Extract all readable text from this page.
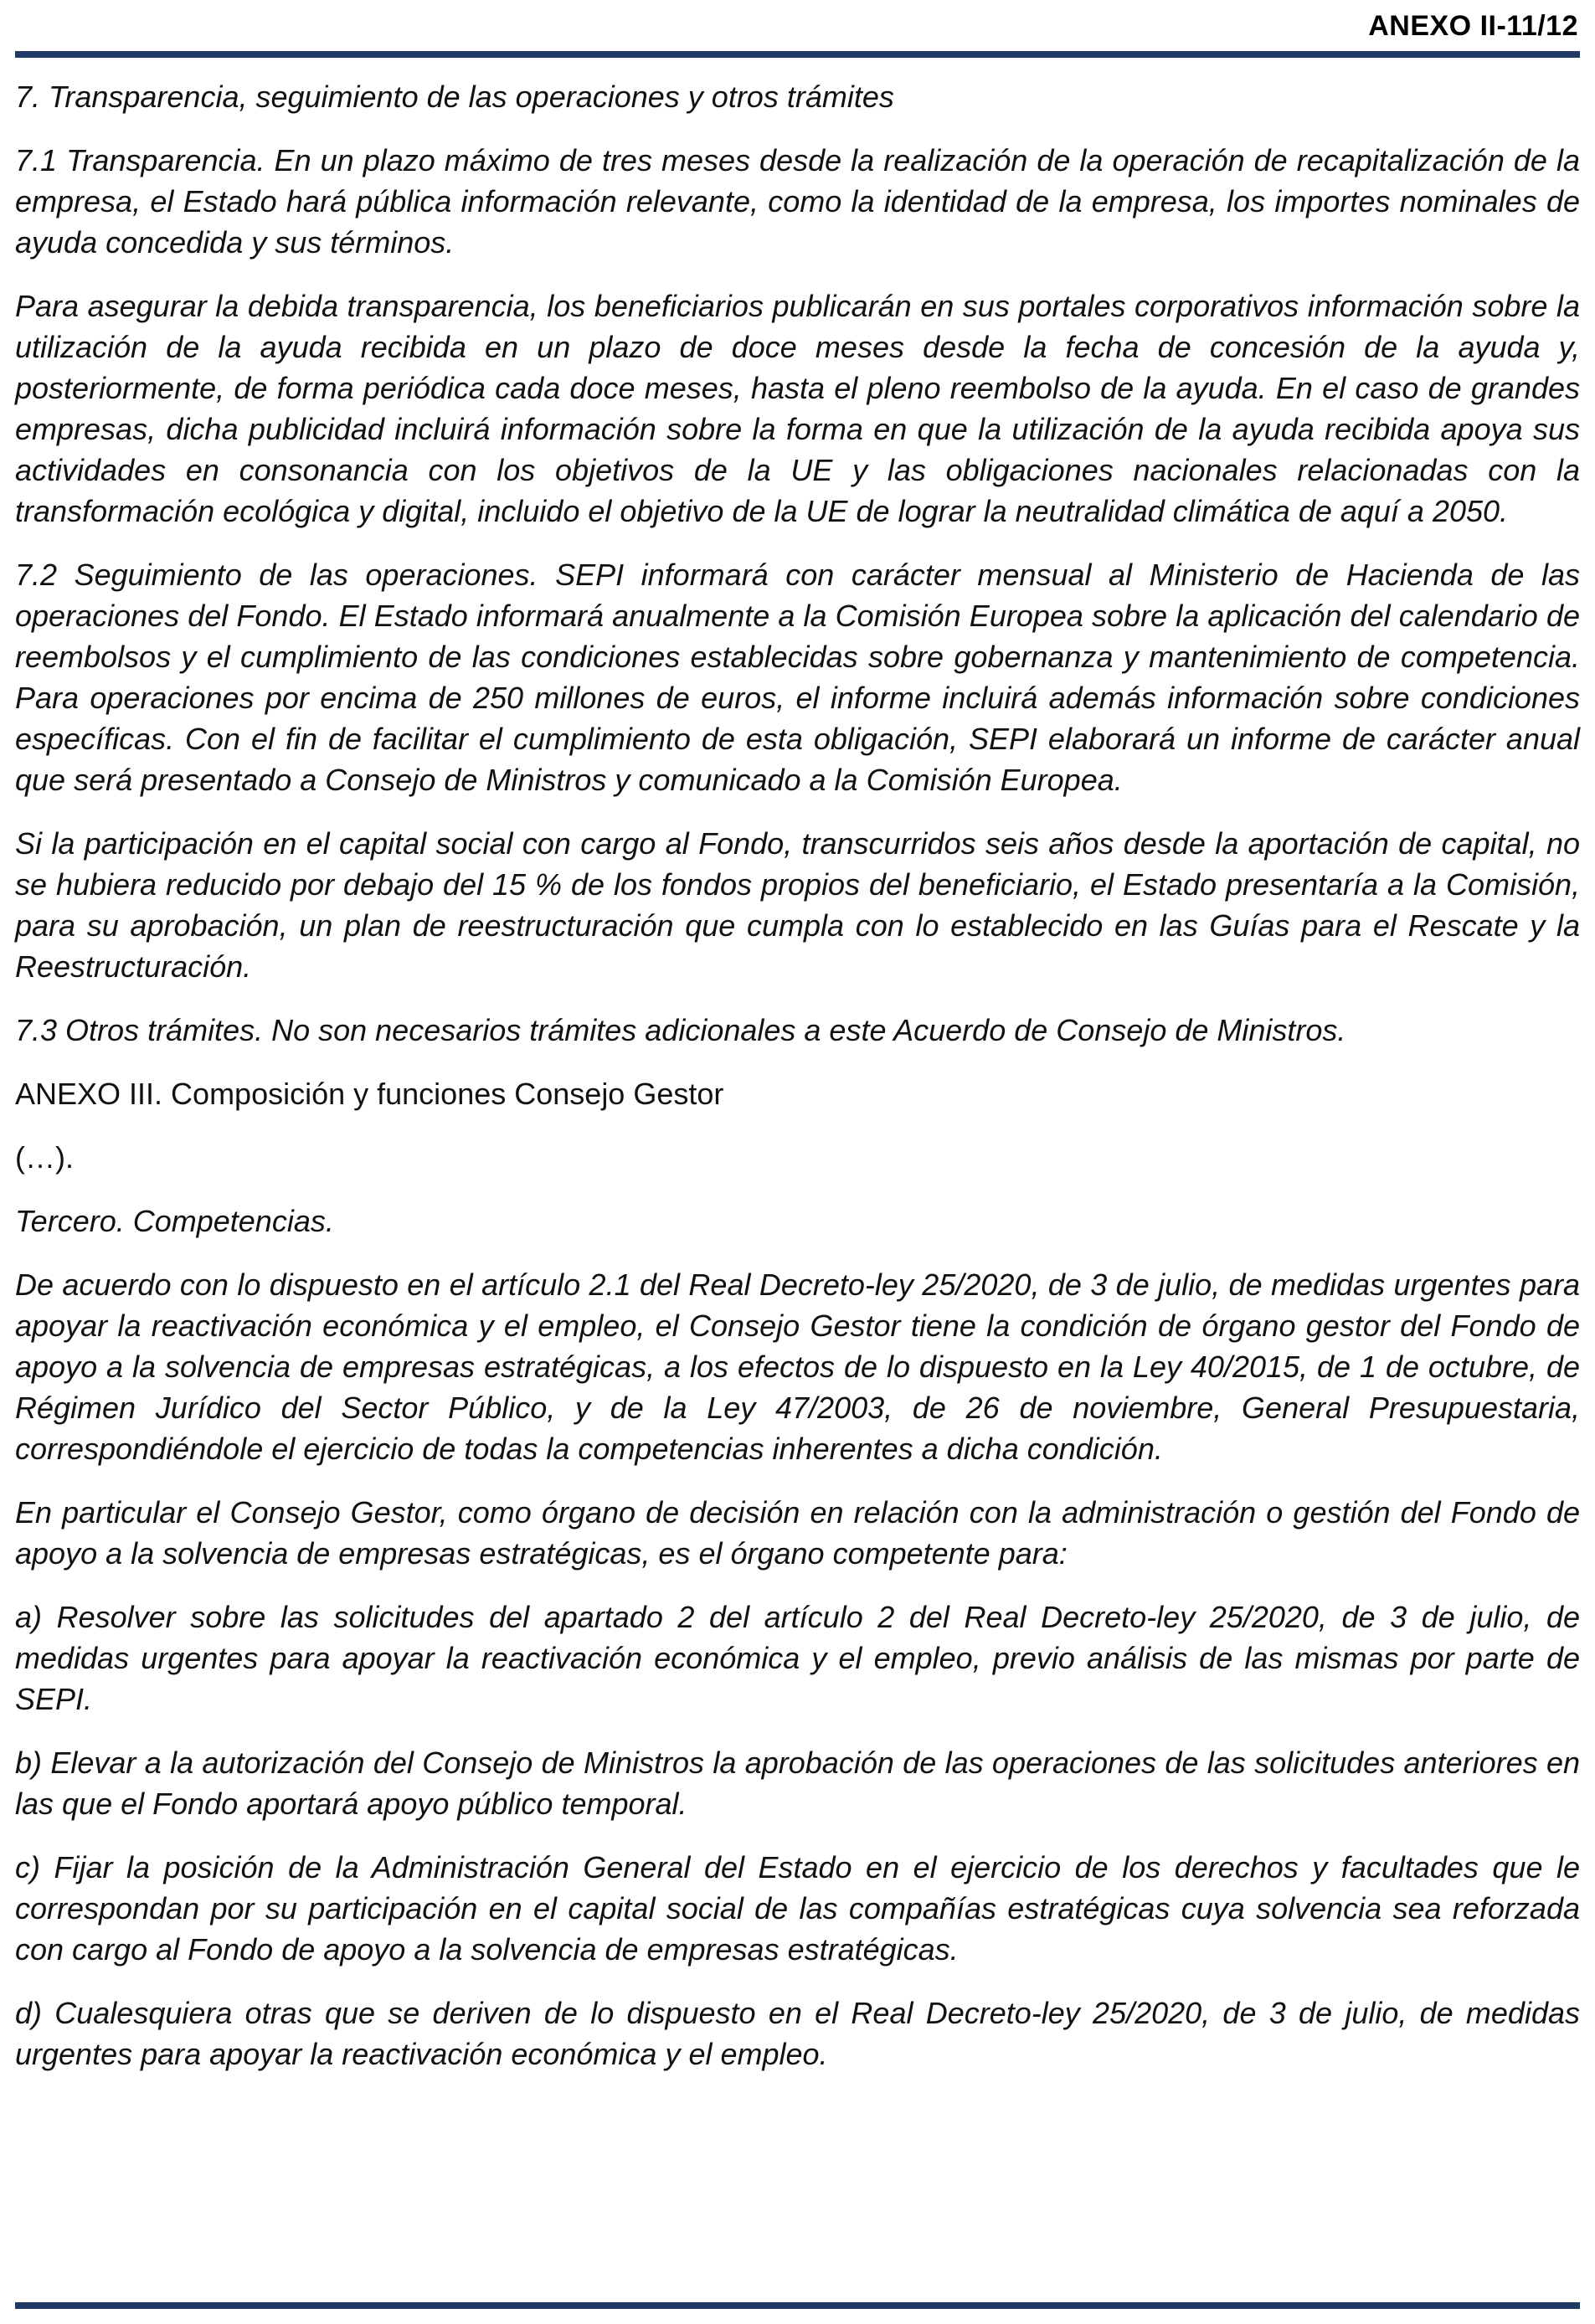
ANEXO II-11/12

7. Transparencia, seguimiento de las operaciones y otros trámites

7.1 Transparencia. En un plazo máximo de tres meses desde la realización de la operación de recapitalización de la empresa, el Estado hará pública información relevante, como la identidad de la empresa, los importes nominales de ayuda concedida y sus términos.

Para asegurar la debida transparencia, los beneficiarios publicarán en sus portales corporativos información sobre la utilización de la ayuda recibida en un plazo de doce meses desde la fecha de concesión de la ayuda y, posteriormente, de forma periódica cada doce meses, hasta el pleno reembolso de la ayuda. En el caso de grandes empresas, dicha publicidad incluirá información sobre la forma en que la utilización de la ayuda recibida apoya sus actividades en consonancia con los objetivos de la UE y las obligaciones nacionales relacionadas con la transformación ecológica y digital, incluido el objetivo de la UE de lograr la neutralidad climática de aquí a 2050.

7.2 Seguimiento de las operaciones. SEPI informará con carácter mensual al Ministerio de Hacienda de las operaciones del Fondo. El Estado informará anualmente a la Comisión Europea sobre la aplicación del calendario de reembolsos y el cumplimiento de las condiciones establecidas sobre gobernanza y mantenimiento de competencia. Para operaciones por encima de 250 millones de euros, el informe incluirá además información sobre condiciones específicas. Con el fin de facilitar el cumplimiento de esta obligación, SEPI elaborará un informe de carácter anual que será presentado a Consejo de Ministros y comunicado a la Comisión Europea.

Si la participación en el capital social con cargo al Fondo, transcurridos seis años desde la aportación de capital, no se hubiera reducido por debajo del 15 % de los fondos propios del beneficiario, el Estado presentaría a la Comisión, para su aprobación, un plan de reestructuración que cumpla con lo establecido en las Guías para el Rescate y la Reestructuración.

7.3 Otros trámites. No son necesarios trámites adicionales a este Acuerdo de Consejo de Ministros.

ANEXO III. Composición y funciones Consejo Gestor

(…).

Tercero. Competencias.

De acuerdo con lo dispuesto en el artículo 2.1 del Real Decreto-ley 25/2020, de 3 de julio, de medidas urgentes para apoyar la reactivación económica y el empleo, el Consejo Gestor tiene la condición de órgano gestor del Fondo de apoyo a la solvencia de empresas estratégicas, a los efectos de lo dispuesto en la Ley 40/2015, de 1 de octubre, de Régimen Jurídico del Sector Público, y de la Ley 47/2003, de 26 de noviembre, General Presupuestaria, correspondiéndole el ejercicio de todas la competencias inherentes a dicha condición.

En particular el Consejo Gestor, como órgano de decisión en relación con la administración o gestión del Fondo de apoyo a la solvencia de empresas estratégicas, es el órgano competente para:

a) Resolver sobre las solicitudes del apartado 2 del artículo 2 del Real Decreto-ley 25/2020, de 3 de julio, de medidas urgentes para apoyar la reactivación económica y el empleo, previo análisis de las mismas por parte de SEPI.

b) Elevar a la autorización del Consejo de Ministros la aprobación de las operaciones de las solicitudes anteriores en las que el Fondo aportará apoyo público temporal.

c) Fijar la posición de la Administración General del Estado en el ejercicio de los derechos y facultades que le correspondan por su participación en el capital social de las compañías estratégicas cuya solvencia sea reforzada con cargo al Fondo de apoyo a la solvencia de empresas estratégicas.

d) Cualesquiera otras que se deriven de lo dispuesto en el Real Decreto-ley 25/2020, de 3 de julio, de medidas urgentes para apoyar la reactivación económica y el empleo.
